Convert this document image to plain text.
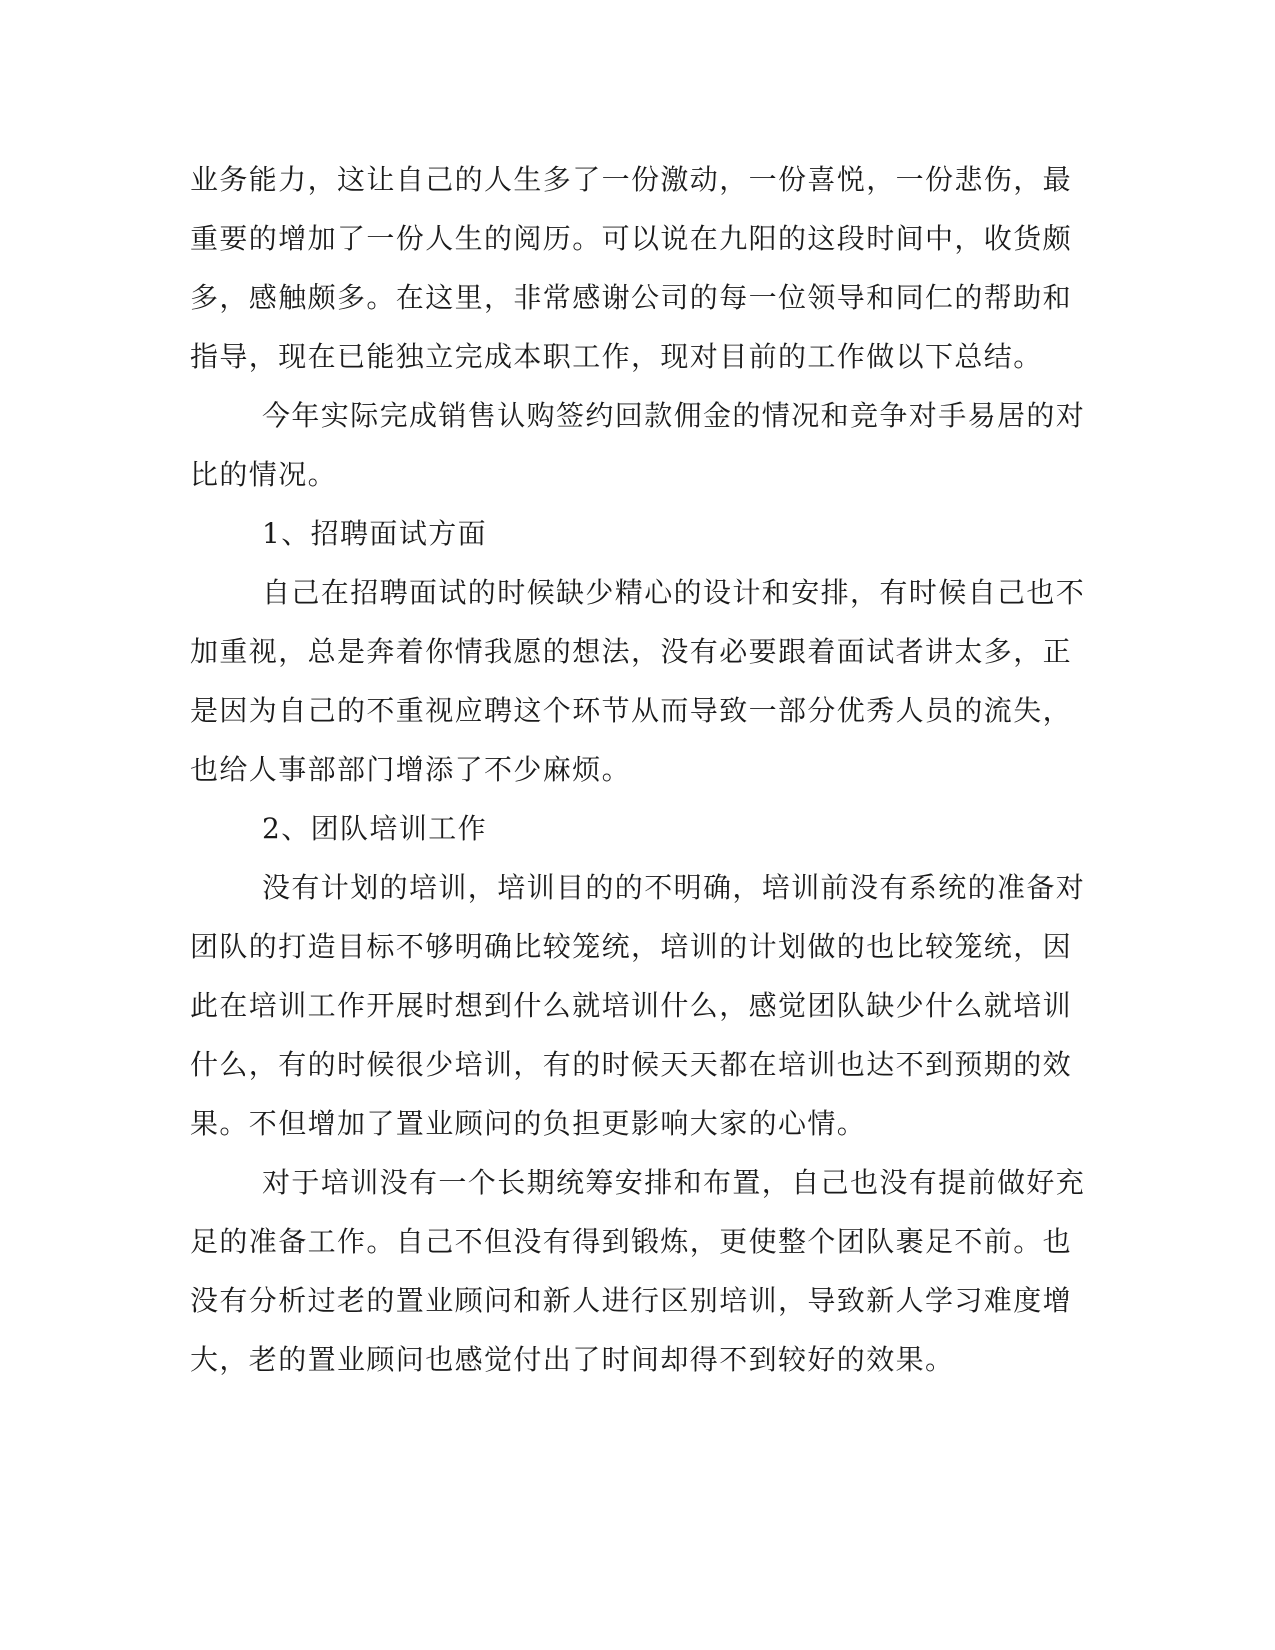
业务能力，这让自己的人生多了一份激动，一份喜悦，一份悲伤，最

重要的增加了一份人生的阅历。可以说在九阳的这段时间中，收货颇

多，感触颇多。在这里，非常感谢公司的每一位领导和同仁的帮助和

指导，现在已能独立完成本职工作，现对目前的工作做以下总结。

今年实际完成销售认购签约回款佣金的情况和竞争对手易居的对

比的情况。

1、招聘面试方面

自己在招聘面试的时候缺少精心的设计和安排，有时候自己也不

加重视，总是奔着你情我愿的想法，没有必要跟着面试者讲太多，正

是因为自己的不重视应聘这个环节从而导致一部分优秀人员的流失，

也给人事部部门增添了不少麻烦。

2、团队培训工作

没有计划的培训，培训目的的不明确，培训前没有系统的准备对

团队的打造目标不够明确比较笼统，培训的计划做的也比较笼统，因

此在培训工作开展时想到什么就培训什么，感觉团队缺少什么就培训

什么，有的时候很少培训，有的时候天天都在培训也达不到预期的效

果。不但增加了置业顾问的负担更影响大家的心情。

对于培训没有一个长期统筹安排和布置，自己也没有提前做好充

足的准备工作。自己不但没有得到锻炼，更使整个团队裹足不前。也

没有分析过老的置业顾问和新人进行区别培训，导致新人学习难度增

大，老的置业顾问也感觉付出了时间却得不到较好的效果。
